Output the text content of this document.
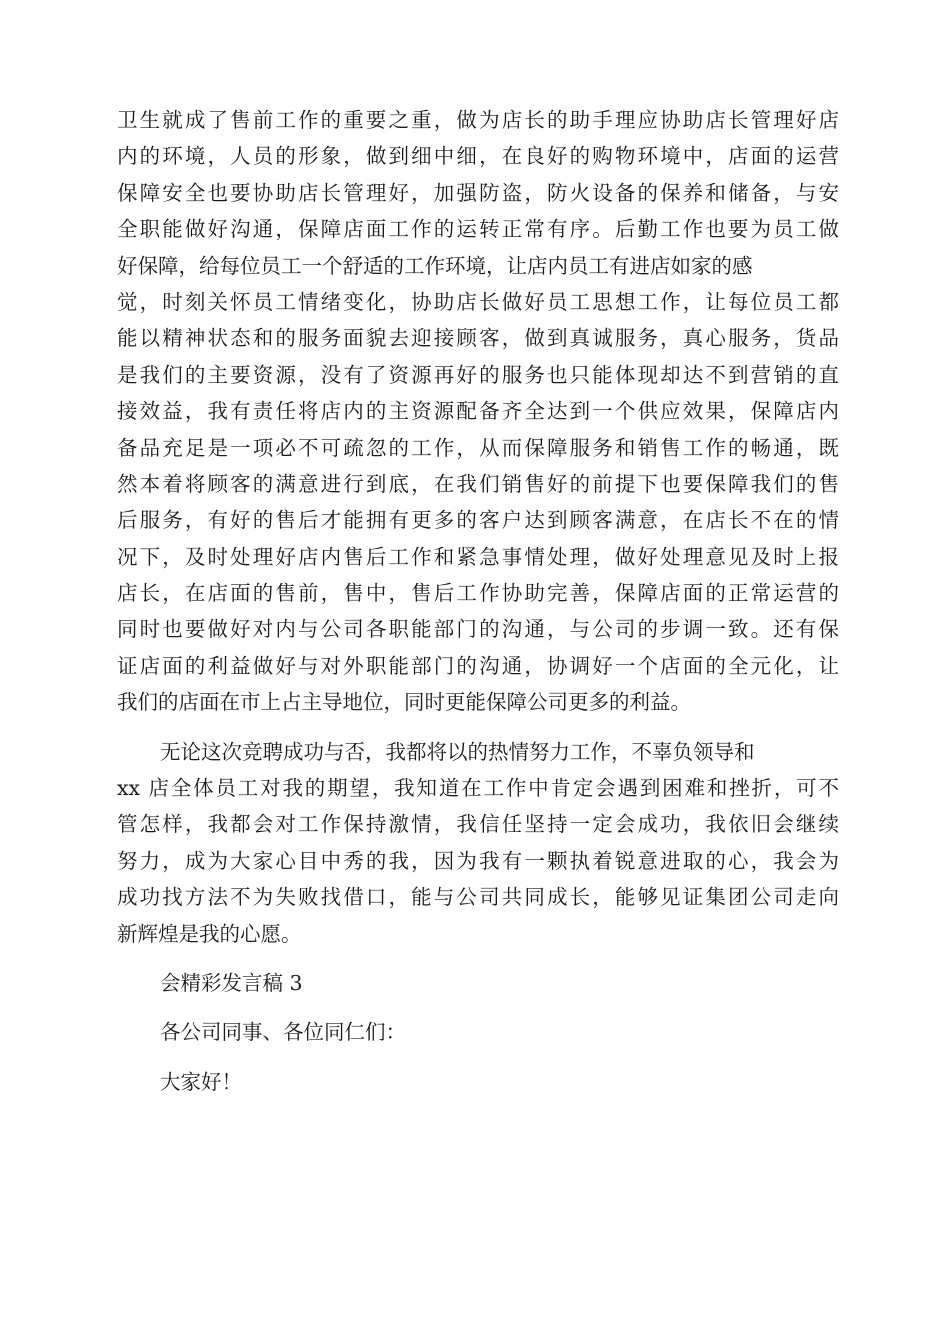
卫生就成了售前工作的重要之重，做为店长的助手理应协助店长管理好店
内的环境，人员的形象，做到细中细，在良好的购物环境中，店面的运营
保障安全也要协助店长管理好，加强防盗，防火设备的保养和储备，与安
全职能做好沟通，保障店面工作的运转正常有序。后勤工作也要为员工做
好保障，给每位员工一个舒适的工作环境，让店内员工有进店如家的感
觉，时刻关怀员工情绪变化，协助店长做好员工思想工作，让每位员工都
能以精神状态和的服务面貌去迎接顾客，做到真诚服务，真心服务，货品
是我们的主要资源，没有了资源再好的服务也只能体现却达不到营销的直
接效益，我有责任将店内的主资源配备齐全达到一个供应效果，保障店内
备品充足是一项必不可疏忽的工作，从而保障服务和销售工作的畅通，既
然本着将顾客的满意进行到底，在我们销售好的前提下也要保障我们的售
后服务，有好的售后才能拥有更多的客户达到顾客满意，在店长不在的情
况下，及时处理好店内售后工作和紧急事情处理，做好处理意见及时上报
店长，在店面的售前，售中，售后工作协助完善，保障店面的正常运营的
同时也要做好对内与公司各职能部门的沟通，与公司的步调一致。还有保
证店面的利益做好与对外职能部门的沟通，协调好一个店面的全元化，让
我们的店面在市上占主导地位，同时更能保障公司更多的利益。
无论这次竞聘成功与否，我都将以的热情努力工作，不辜负领导和
xx 店全体员工对我的期望，我知道在工作中肯定会遇到困难和挫折，可不
管怎样，我都会对工作保持激情，我信任坚持一定会成功，我依旧会继续
努力，成为大家心目中秀的我，因为我有一颗执着锐意进取的心，我会为
成功找方法不为失败找借口，能与公司共同成长，能够见证集团公司走向
新辉煌是我的心愿。
会精彩发言稿 3
各公司同事、各位同仁们：
大家好！
